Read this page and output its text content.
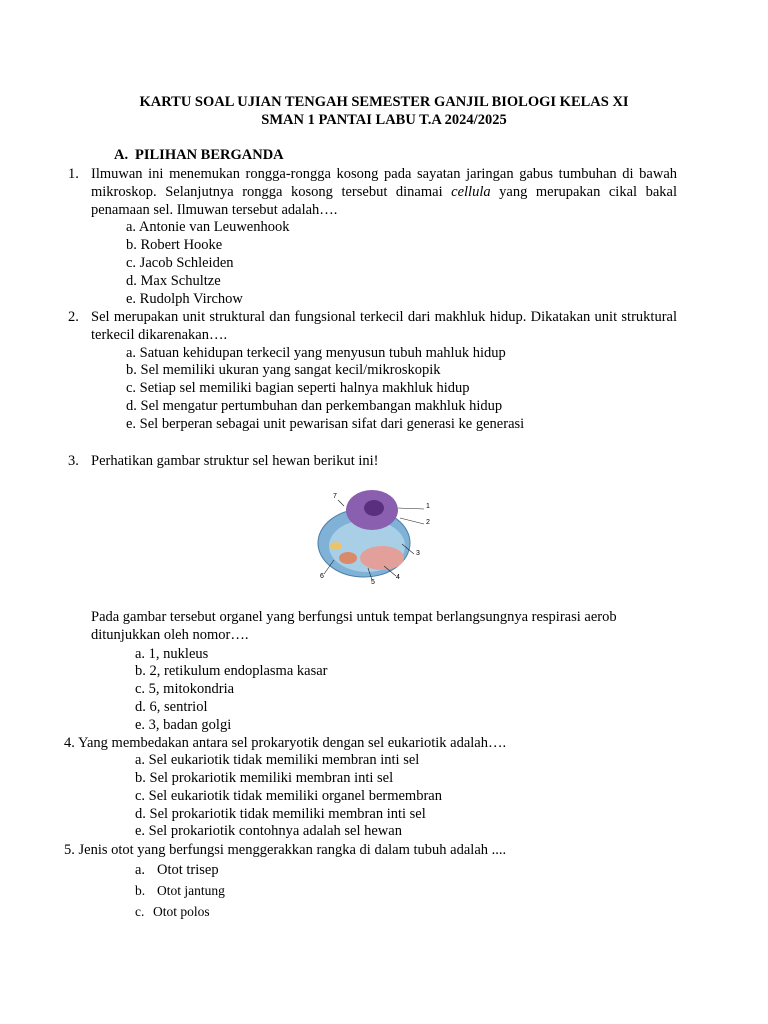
KARTU SOAL UJIAN TENGAH SEMESTER GANJIL BIOLOGI KELAS XI
SMAN 1 PANTAI LABU T.A 2024/2025
A. PILIHAN BERGANDA
1. Ilmuwan ini menemukan rongga-rongga kosong pada sayatan jaringan gabus tumbuhan di bawah mikroskop. Selanjutnya rongga kosong tersebut dinamai cellula yang merupakan cikal bakal penamaan sel. Ilmuwan tersebut adalah….
a. Antonie van Leuwenhook
b. Robert Hooke
c. Jacob Schleiden
d. Max Schultze
e. Rudolph Virchow
2. Sel merupakan unit struktural dan fungsional terkecil dari makhluk hidup. Dikatakan unit struktural terkecil dikarenakan….
a. Satuan kehidupan terkecil yang menyusun tubuh mahluk hidup
b. Sel memiliki ukuran yang sangat kecil/mikroskopik
c. Setiap sel memiliki bagian seperti halnya makhluk hidup
d. Sel mengatur pertumbuhan dan perkembangan makhluk hidup
e. Sel berperan sebagai unit pewarisan sifat dari generasi ke generasi
3. Perhatikan gambar struktur sel hewan berikut ini!
1
2
3
4
5
6
7
Pada gambar tersebut organel yang berfungsi untuk tempat berlangsungnya respirasi aerob ditunjukkan oleh nomor….
a. 1, nukleus
b. 2, retikulum endoplasma kasar
c. 5, mitokondria
d. 6, sentriol
e. 3, badan golgi
4. Yang membedakan antara sel prokaryotik dengan sel eukariotik adalah….
a. Sel eukariotik tidak memiliki membran inti sel
b. Sel prokariotik memiliki membran inti sel
c. Sel eukariotik tidak memiliki organel bermembran
d. Sel prokariotik tidak memiliki membran inti sel
e. Sel prokariotik contohnya adalah sel hewan
5. Jenis otot yang berfungsi menggerakkan rangka di dalam tubuh adalah ....
a. Otot trisep
b. Otot jantung
c. Otot polos
